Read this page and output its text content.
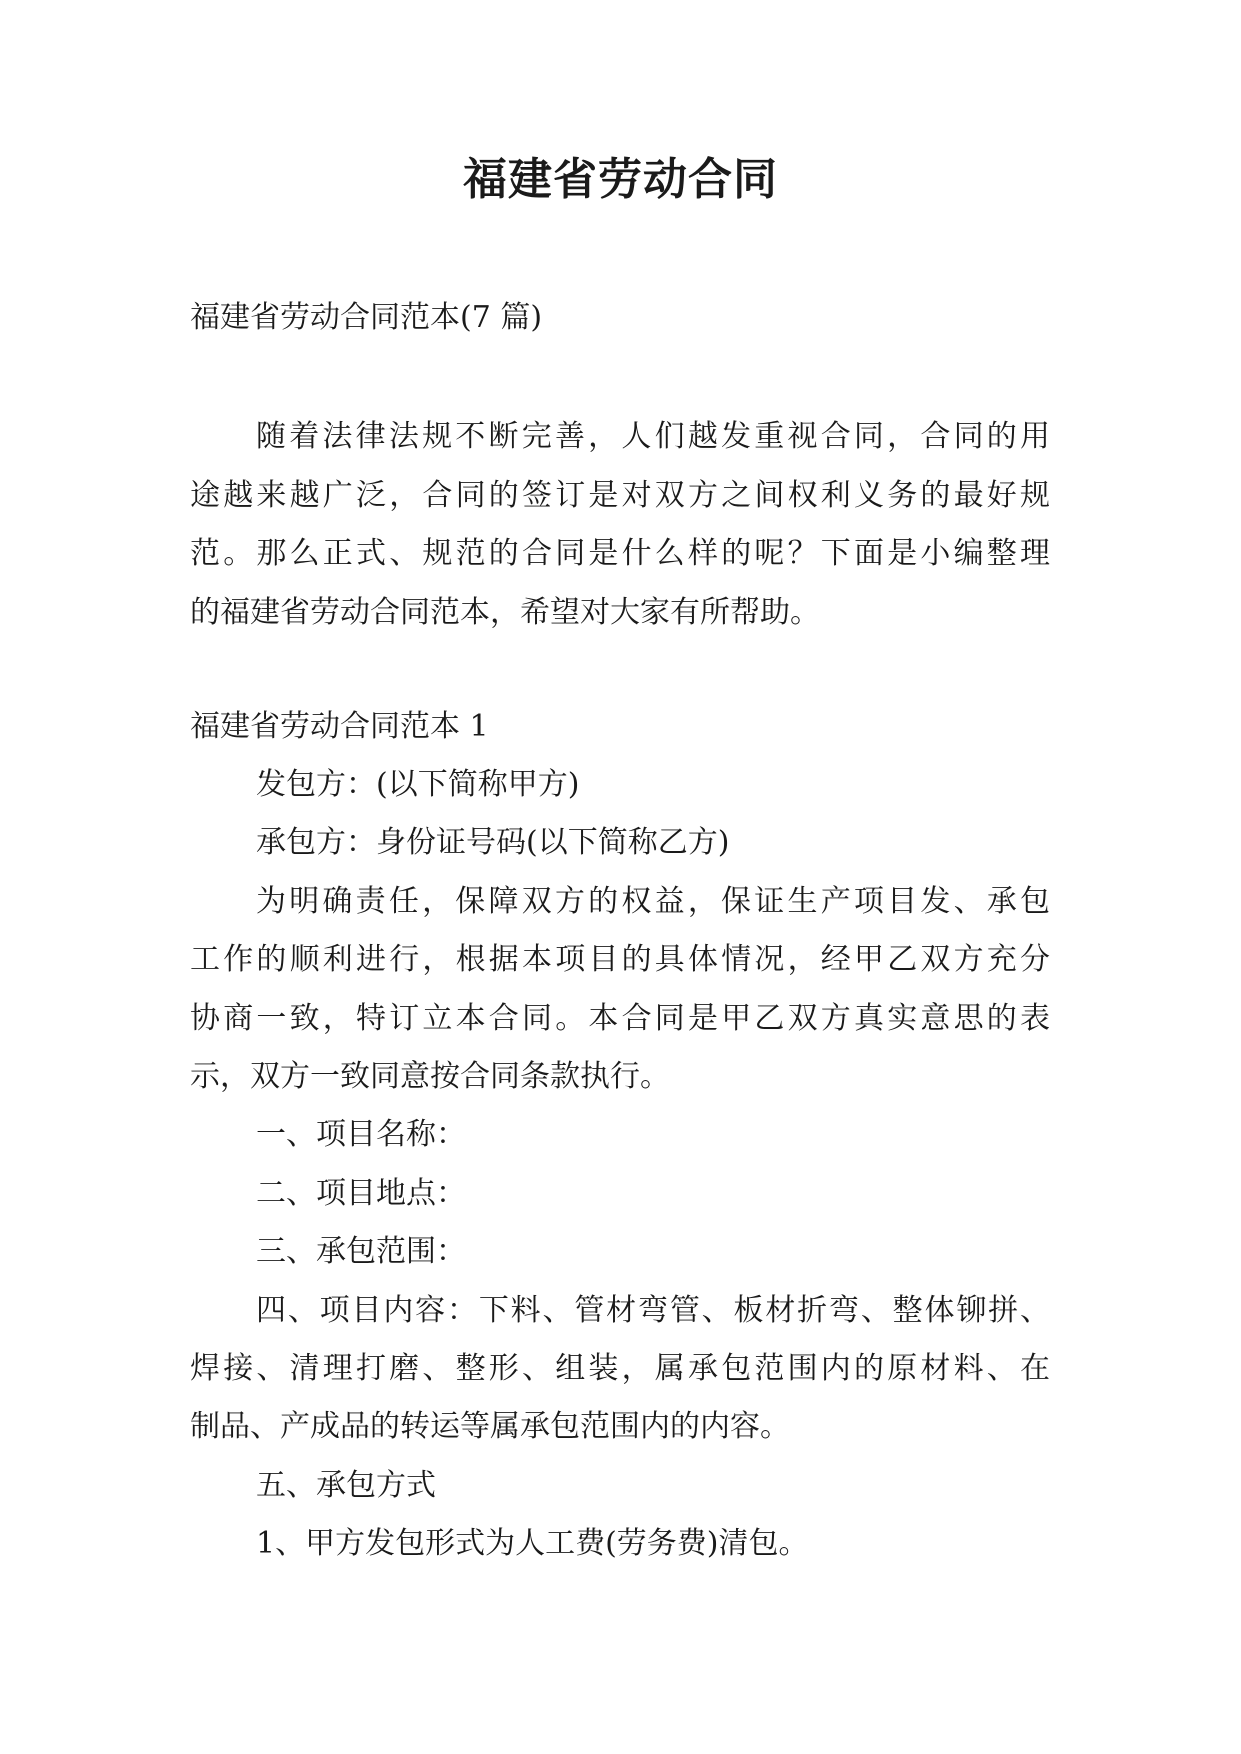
福建省劳动合同

福建省劳动合同范本(7 篇)

随着法律法规不断完善，人们越发重视合同，合同的用
途越来越广泛，合同的签订是对双方之间权利义务的最好规
范。那么正式、规范的合同是什么样的呢？下面是小编整理
的福建省劳动合同范本，希望对大家有所帮助。

福建省劳动合同范本 1

发包方：(以下简称甲方)
承包方：身份证号码(以下简称乙方)
为明确责任，保障双方的权益，保证生产项目发、承包
工作的顺利进行，根据本项目的具体情况，经甲乙双方充分
协商一致，特订立本合同。本合同是甲乙双方真实意思的表
示，双方一致同意按合同条款执行。
一、项目名称：
二、项目地点：
三、承包范围：
四、项目内容：下料、管材弯管、板材折弯、整体铆拼、
焊接、清理打磨、整形、组装，属承包范围内的原材料、在
制品、产成品的转运等属承包范围内的内容。
五、承包方式
1、甲方发包形式为人工费(劳务费)清包。
